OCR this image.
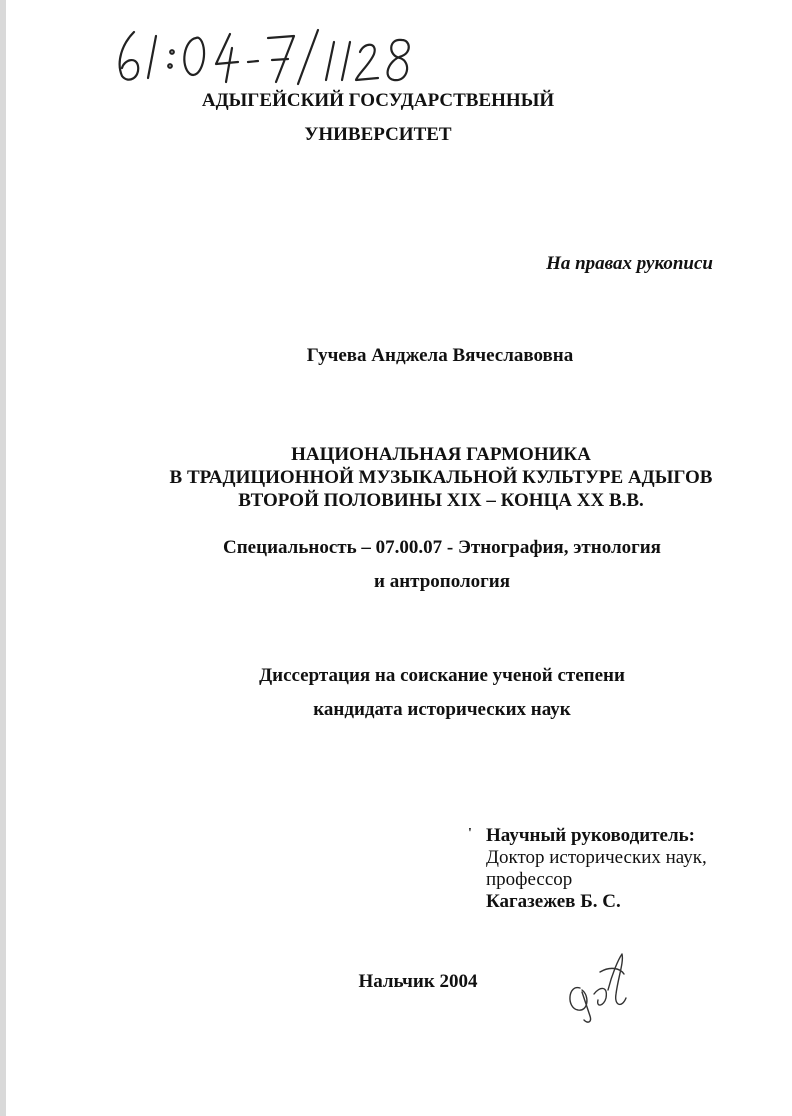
АДЫГЕЙСКИЙ ГОСУДАРСТВЕННЫЙ
УНИВЕРСИТЕТ
На правах рукописи
Гучева Анджела Вячеславовна
НАЦИОНАЛЬНАЯ ГАРМОНИКА
В ТРАДИЦИОННОЙ МУЗЫКАЛЬНОЙ КУЛЬТУРЕ АДЫГОВ
ВТОРОЙ ПОЛОВИНЫ XIX – КОНЦА XX В.В.
Специальность – 07.00.07 - Этнография, этнология
и антропология
Диссертация на соискание ученой степени
кандидата исторических наук
' Научный руководитель:
Доктор исторических наук,
профессор
Кагазежев Б. С.
Нальчик 2004
